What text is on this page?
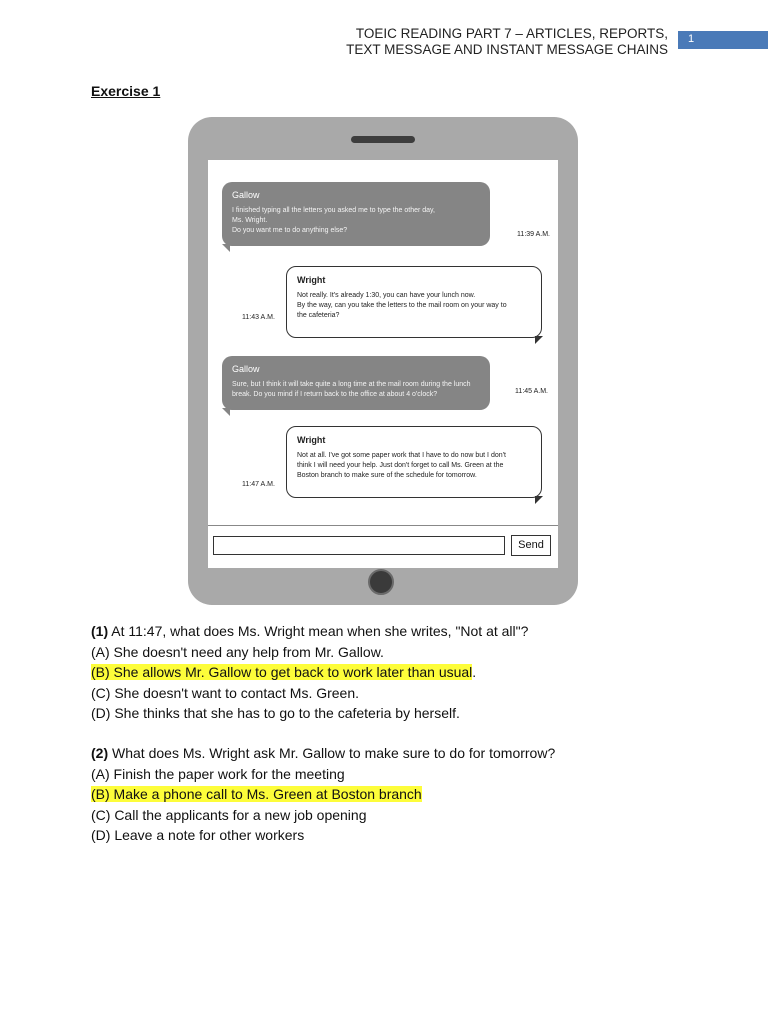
TOEIC READING PART 7 – ARTICLES, REPORTS,
TEXT MESSAGE AND INSTANT MESSAGE CHAINS
1
Exercise 1
Gallow
I finished typing all the letters you asked me to type the other day,
Ms. Wright.
Do you want me to do anything else?
11:39 A.M.
Wright
Not really. It's already 1:30, you can have your lunch now.
By the way, can you take the letters to the mail room on your way to
the cafeteria?
11:43 A.M.
Gallow
Sure, but I think it will take quite a long time at the mail room during the lunch
break. Do you mind if I return back to the office at about 4 o'clock?	11:45 A.M.
Wright
Not at all. I've got some paper work that I have to do now but I don't
think I will need your help. Just don't forget to call Ms. Green at the
Boston branch to make sure of the schedule for tomorrow.
11:47 A.M.
Send

(1) At 11:47, what does Ms. Wright mean when she writes, "Not at all"?

(A) She doesn't need any help from Mr. Gallow.

(B) She allows Mr. Gallow to get back to work later than usual.

(C) She doesn't want to contact Ms. Green.

(D) She thinks that she has to go to the cafeteria by herself.

(2) What does Ms. Wright ask Mr. Gallow to make sure to do for tomorrow?

(A) Finish the paper work for the meeting

(B) Make a phone call to Ms. Green at Boston branch

(C) Call the applicants for a new job opening

(D) Leave a note for other workers
